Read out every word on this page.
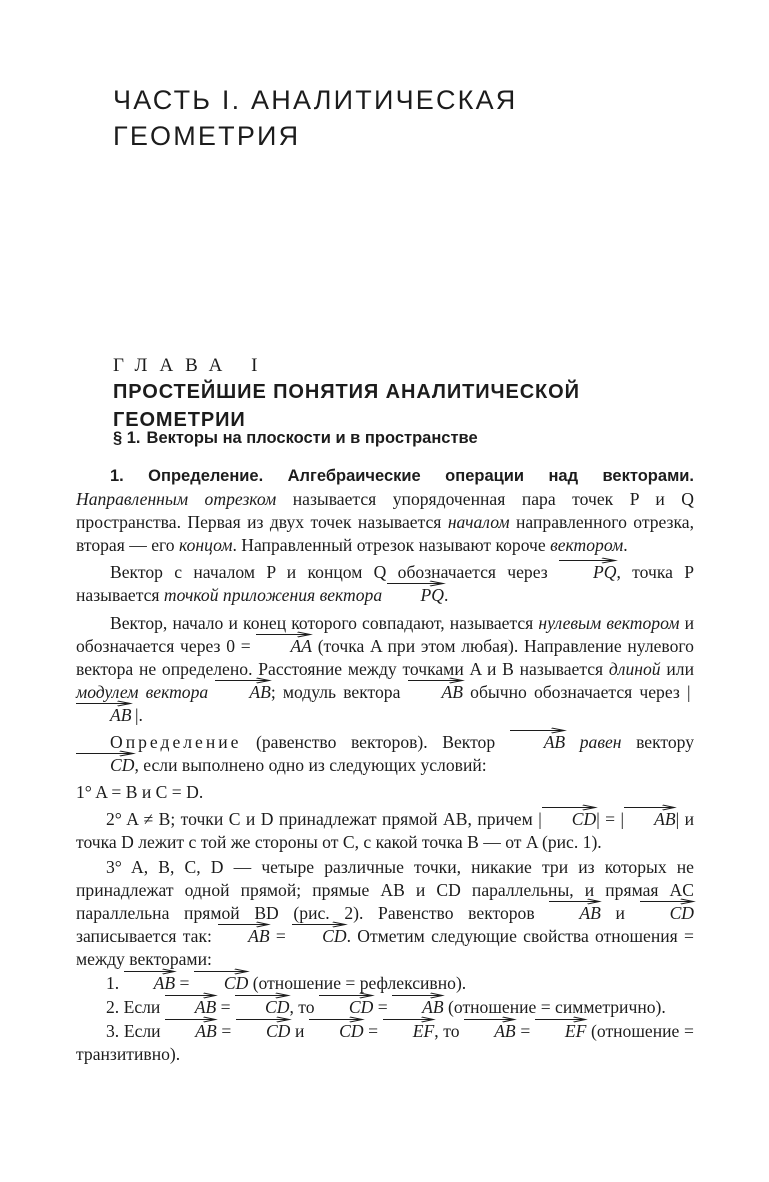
ЧАСТЬ I. АНАЛИТИЧЕСКАЯ ГЕОМЕТРИЯ
ГЛАВА I
ПРОСТЕЙШИЕ ПОНЯТИЯ АНАЛИТИЧЕСКОЙ ГЕОМЕТРИИ
§ 1. Векторы на плоскости и в пространстве

1. Определение. Алгебраические операции над векторами. Направленным отрезком называется упорядоченная пара точек P и Q пространства. Первая из двух точек называется началом направленного отрезка, вторая — его концом. Направленный отрезок называют короче вектором.

Вектор с началом P и концом Q обозначается через	PQ
, точка P называется точкой приложения вектора PQ
.

Вектор, начало и конец которого совпадают, называется нулевым вектором и обозначается через 0 = AA (точка A при этом любая). Направление нулевого вектора не определено. Расстояние между точками A и B называется длиной или модулем вектора AB
; модуль вектора AB обычно обозначается через | AB
 |.

Определение (равенство векторов). Вектор	AB равен вектору CD
, если выполнено одно из следующих условий:

1° A = B и C = D.

2° A ≠ B; точки C и D принадлежат прямой AB, причем | CD
| = | AB
| и точка D лежит с той же стороны от C, с какой точка B — от A (рис. 1).

3° A, B, C, D — четыре различные точки, никакие три из которых не принадлежат одной прямой; прямые AB и CD параллельны, и прямая AC параллельна прямой BD (рис. 2). Равенство векторов	AB и	CD
записывается так: AB
= CD
. Отметим следующие свойства отношения = между векторами:

1. AB
= CD (отношение = рефлексивно).

2. Если AB
= CD
, то CD
= AB (отношение = симметрично).

3. Если AB
= CD и CD
= EF
, то AB
= EF (отношение = транзитивно).
